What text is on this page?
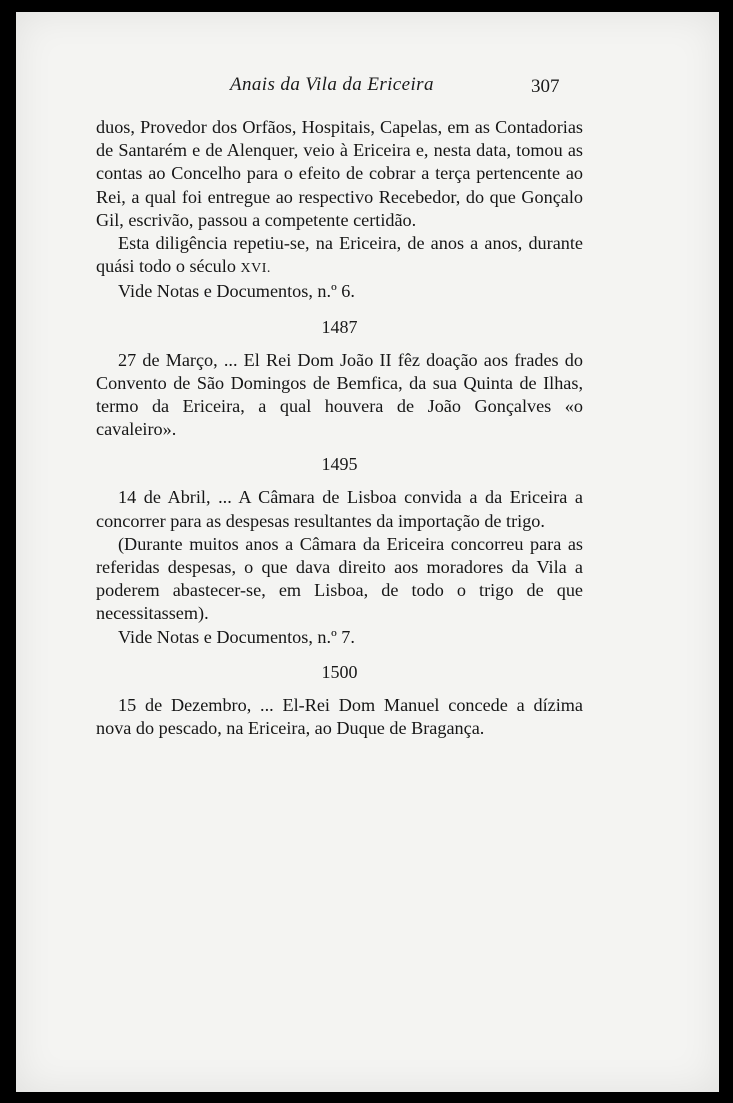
Anais da Vila da Ericeira	307

duos, Provedor dos Orfãos, Hospitais, Capelas, em as Contadorias de Santarém e de Alenquer, veio à Ericeira e, nesta data, tomou as contas ao Concelho para o efeito de cobrar a terça pertencente ao Rei, a qual foi entregue ao respectivo Recebedor, do que Gonçalo Gil, escrivão, passou a competente certidão.

Esta diligência repetiu-se, na Ericeira, de anos a anos, durante quási todo o século XVI.

Vide Notas e Documentos, n.º 6.

1487

27 de Março, ... El Rei Dom João II fêz doação aos frades do Convento de São Domingos de Bemfica, da sua Quinta de Ilhas, termo da Ericeira, a qual houvera de João Gonçalves «o cavaleiro».

1495

14 de Abril, ... A Câmara de Lisboa convida a da Ericeira a concorrer para as despesas resultantes da importação de trigo.

(Durante muitos anos a Câmara da Ericeira concorreu para as referidas despesas, o que dava direito aos moradores da Vila a poderem abastecer-se, em Lisboa, de todo o trigo de que necessitassem).

Vide Notas e Documentos, n.º 7.

1500

15 de Dezembro, ... El-Rei Dom Manuel concede a dízima nova do pescado, na Ericeira, ao Duque de Bragança.
